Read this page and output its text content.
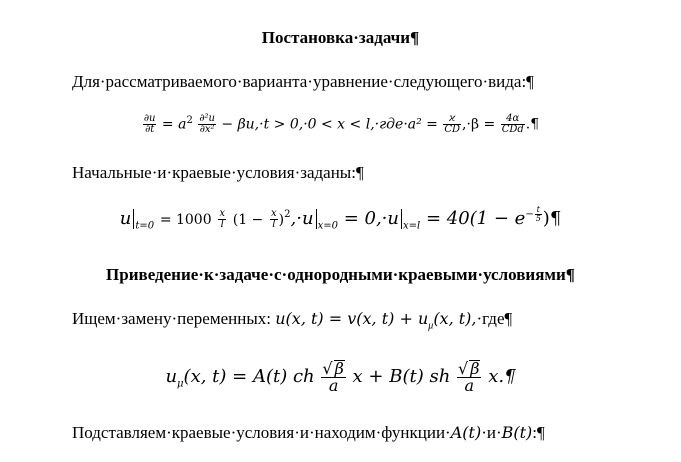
Постановка·задачи¶
Для·рассматриваемого·варианта·уравнение·следующего·вида:¶
$\frac{\partial u}{\partial t} = a^2 \frac{\text{∂²u}}{\text{∂x²}} - \beta u,\cdot t > 0,\cdot 0 < x < l,\cdot где\cdot a^2 = \frac{ϰ}{CD} ,\cdot\beta = \frac{4\alpha}{\text{CDd}}$ .¶
Начальные·и·краевые·условия·заданы:¶
u $_{t=0} = 1000 \frac{x}{l} (1 - \frac{x}{l} )^2,\cdot u$ $_{x=0}$ = 0,·u $_{x=l} = 40(1 - e^{- \frac{t}{5}}$ )¶
Приведение·к·задаче·с·однородными·краевыми·условиями¶
Ищем·замену·переменных: u(x, t) = v(x, $t) + u_\mu(x$, t),·где¶
$u_\mu(x$, t) = A(t) ch $\frac{√ \beta}{a}$ x + B(t) sh $\frac{√ \beta}{a}$ x.¶
Подставляем·краевые·условия·и·находим·функции·A(t)·и·B(t):¶
